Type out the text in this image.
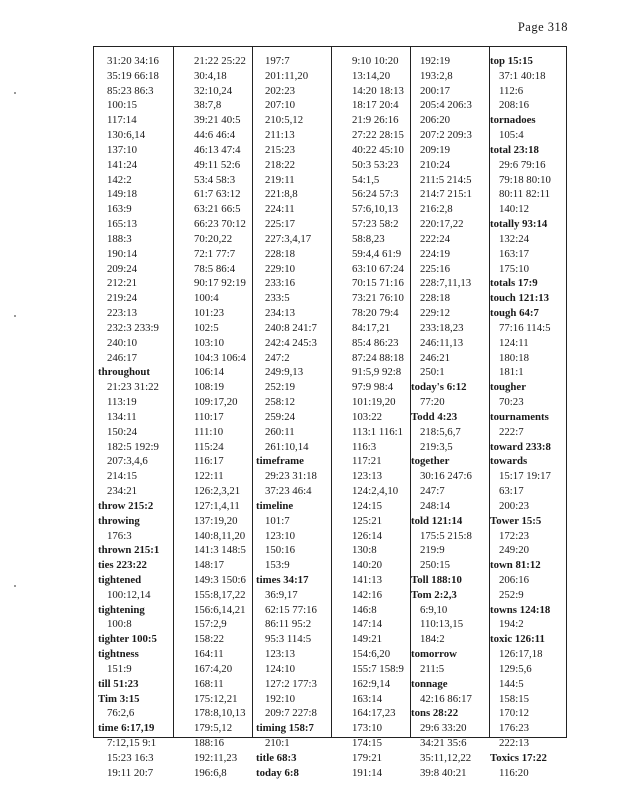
Page 318
31:20 34:16
35:19 66:18
85:23 86:3
100:15
117:14
130:6,14
137:10
141:24
142:2
149:18
163:9
165:13
188:3
190:14
209:24
212:21
219:24
223:13
232:3 233:9
240:10
246:17
throughout
21:23 31:22
113:19
134:11
150:24
182:5 192:9
207:3,4,6
214:15
234:21
throw 215:2
throwing
176:3
thrown 215:1
ties 223:22
tightened
100:12,14
tightening
100:8
tighter 100:5
tightness
151:9
till 51:23
Tim 3:15
76:2,6
time 6:17,19
7:12,15 9:1
15:23 16:3
19:11 20:7
21:22 25:22
30:4,18
32:10,24
38:7,8
39:21 40:5
44:6 46:4
46:13 47:4
49:11 52:6
53:4 58:3
61:7 63:12
63:21 66:5
66:23 70:12
70:20,22
72:1 77:7
78:5 86:4
90:17 92:19
100:4
101:23
102:5
103:10
104:3 106:4
106:14
108:19
109:17,20
110:17
111:10
115:24
116:17
122:11
126:2,3,21
127:1,4,11
137:19,20
140:8,11,20
141:3 148:5
148:17
149:3 150:6
155:8,17,22
156:6,14,21
157:2,9
158:22
164:11
167:4,20
168:11
175:12,21
178:8,10,13
179:5,12
188:16
192:11,23
196:6,8
197:7
201:11,20
202:23
207:10
210:5,12
211:13
215:23
218:22
219:11
221:8,8
224:11
225:17
227:3,4,17
228:18
229:10
233:16
233:5
234:13
240:8 241:7
242:4 245:3
247:2
249:9,13
252:19
258:12
259:24
260:11
261:10,14
timeframe
29:23 31:18
37:23 46:4
timeline
101:7
123:10
150:16
153:9
times 34:17
36:9,17
62:15 77:16
86:11 95:2
95:3 114:5
123:13
124:10
127:2 177:3
192:10
209:7 227:8
timing 158:7
210:1
title 68:3
today 6:8
9:10 10:20
13:14,20
14:20 18:13
18:17 20:4
21:9 26:16
27:22 28:15
40:22 45:10
50:3 53:23
54:1,5
56:24 57:3
57:6,10,13
57:23 58:2
58:8,23
59:4,4 61:9
63:10 67:24
70:15 71:16
73:21 76:10
78:20 79:4
84:17,21
85:4 86:23
87:24 88:18
91:5,9 92:8
97:9 98:4
101:19,20
103:22
113:1 116:1
116:3
117:21
123:13
124:2,4,10
124:15
125:21
126:14
130:8
140:20
141:13
142:16
146:8
147:14
149:21
154:6,20
155:7 158:9
162:9,14
163:14
164:17,23
173:10
174:15
179:21
191:14
192:19
193:2,8
200:17
205:4 206:3
206:20
207:2 209:3
209:19
210:24
211:5 214:5
214:7 215:1
216:2,8
220:17,22
222:24
224:19
225:16
228:7,11,13
228:18
229:12
233:18,23
246:11,13
246:21
250:1
today's 6:12
77:20
Todd 4:23
218:5,6,7
219:3,5
together
30:16 247:6
247:7
248:14
told 121:14
175:5 215:8
219:9
250:15
Toll 188:10
Tom 2:2,3
6:9,10
110:13,15
184:2
tomorrow
211:5
tonnage
42:16 86:17
tons 28:22
29:6 33:20
34:21 35:6
35:11,12,22
39:8 40:21
top 15:15
37:1 40:18
112:6
208:16
tornadoes
105:4
total 23:18
29:6 79:16
79:18 80:10
80:11 82:11
140:12
totally 93:14
132:24
163:17
175:10
totals 17:9
touch 121:13
tough 64:7
77:16 114:5
124:11
180:18
181:1
tougher
70:23
tournaments
222:7
toward 233:8
towards
15:17 19:17
63:17
200:23
Tower 15:5
172:23
249:20
town 81:12
206:16
252:9
towns 124:18
194:2
toxic 126:11
126:17,18
129:5,6
144:5
158:15
170:12
176:23
222:13
Toxics 17:22
116:20
